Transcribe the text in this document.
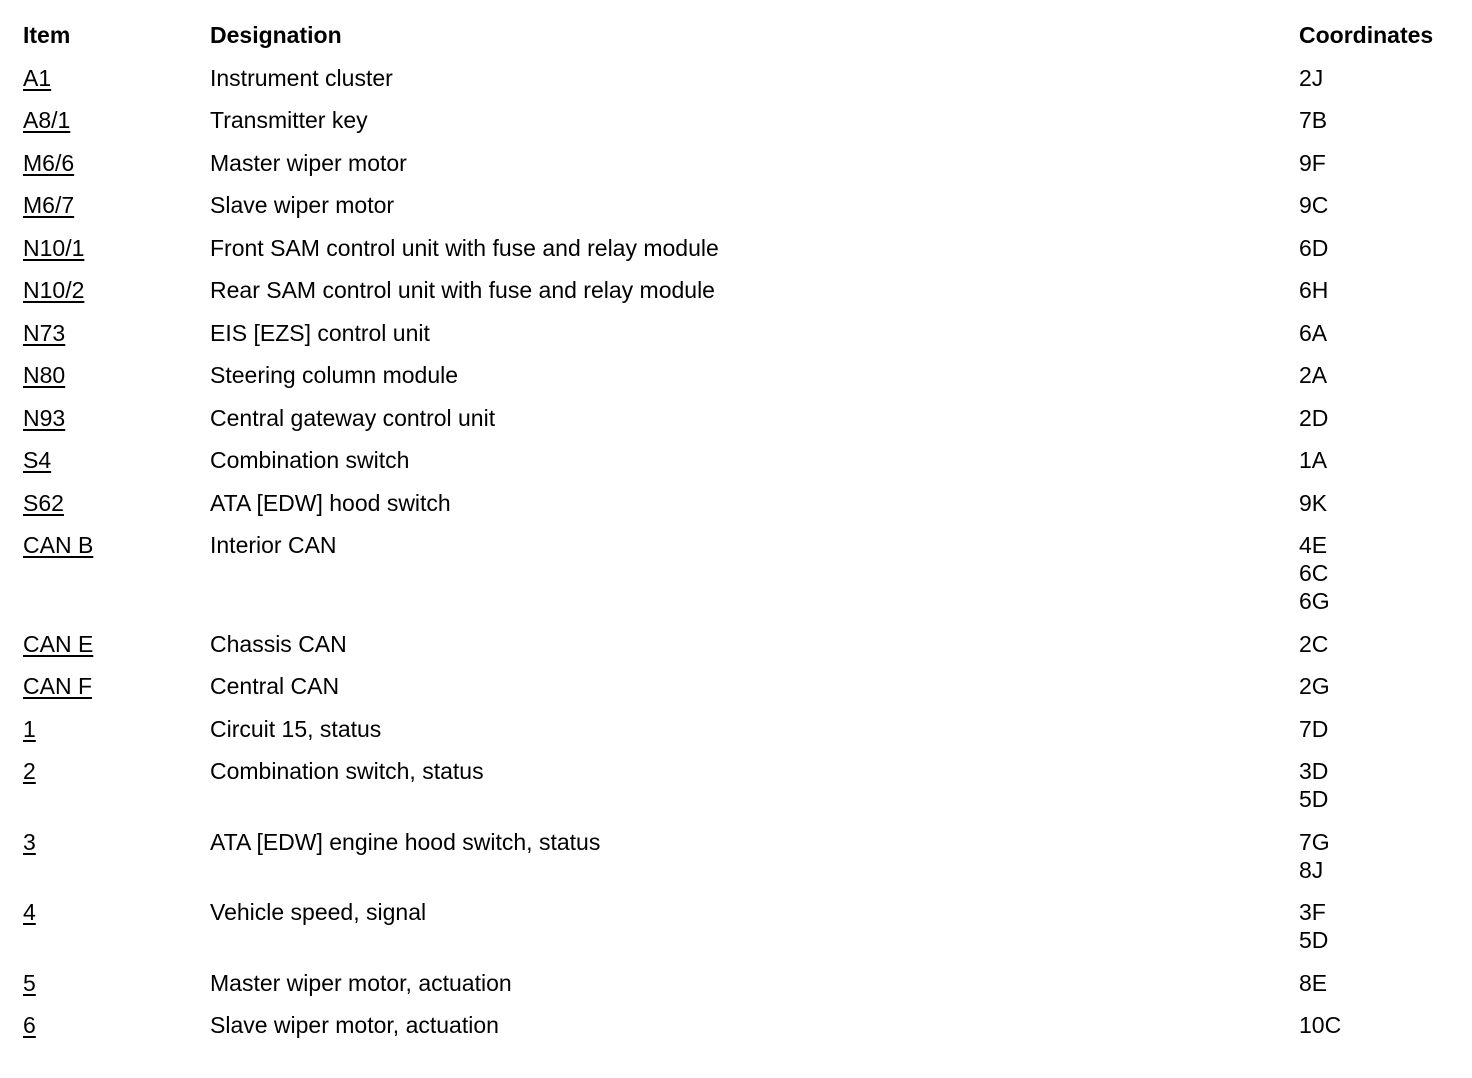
Item	Designation	Coordinates
A1	Instrument cluster	2J
A8/1	Transmitter key	7B
M6/6	Master wiper motor	9F
M6/7	Slave wiper motor	9C
N10/1	Front SAM control unit with fuse and relay module	6D
N10/2	Rear SAM control unit with fuse and relay module	6H
N73	EIS [EZS] control unit	6A
N80	Steering column module	2A
N93	Central gateway control unit	2D
S4	Combination switch	1A
S62	ATA [EDW] hood switch	9K
CAN B	Interior CAN	4E
6C
6G
CAN E	Chassis CAN	2C
CAN F	Central CAN	2G
1	Circuit 15, status	7D
2	Combination switch, status	3D
5D
3	ATA [EDW] engine hood switch, status	7G
8J
4	Vehicle speed, signal	3F
5D
5	Master wiper motor, actuation	8E
6	Slave wiper motor, actuation	10C
